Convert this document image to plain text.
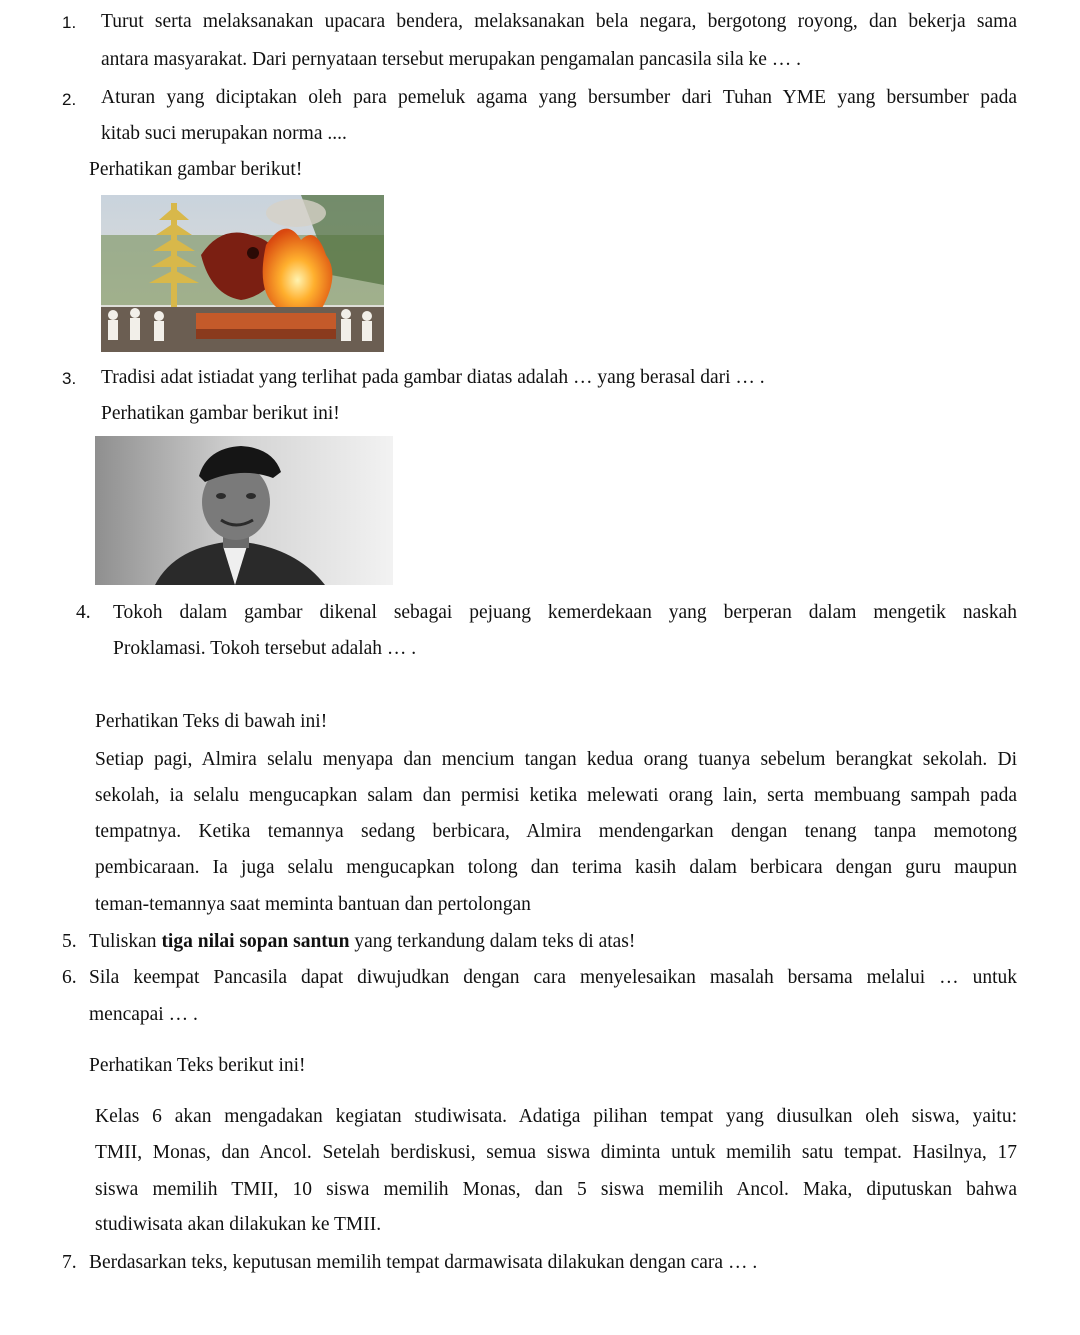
1. Turut serta melaksanakan upacara bendera, melaksanakan bela negara, bergotong royong, dan bekerja sama
antara masyarakat. Dari pernyataan tersebut merupakan pengamalan pancasila sila ke … .
2. Aturan yang diciptakan oleh para pemeluk agama yang bersumber dari Tuhan YME yang bersumber pada
kitab suci merupakan norma ....
Perhatikan gambar berikut!
3. Tradisi adat istiadat yang terlihat pada gambar diatas adalah … yang berasal dari … .
Perhatikan gambar berikut ini!
4. Tokoh dalam gambar dikenal sebagai pejuang kemerdekaan yang berperan dalam mengetik naskah
Proklamasi. Tokoh tersebut adalah … .
Perhatikan Teks di bawah ini!
Setiap pagi, Almira selalu menyapa dan mencium tangan kedua orang tuanya sebelum berangkat sekolah. Di
sekolah, ia selalu mengucapkan salam dan permisi ketika melewati orang lain, serta membuang sampah pada
tempatnya. Ketika temannya sedang berbicara, Almira mendengarkan dengan tenang tanpa memotong
pembicaraan. Ia juga selalu mengucapkan tolong dan terima kasih dalam berbicara dengan guru maupun
teman-temannya saat meminta bantuan dan pertolongan
5. Tuliskan tiga nilai sopan santun yang terkandung dalam teks di atas!
6. Sila keempat Pancasila dapat diwujudkan dengan cara menyelesaikan masalah bersama melalui … untuk
mencapai … .
Perhatikan Teks berikut ini!
Kelas 6 akan mengadakan kegiatan studiwisata. Adatiga pilihan tempat yang diusulkan oleh siswa, yaitu:
TMII, Monas, dan Ancol. Setelah berdiskusi, semua siswa diminta untuk memilih satu tempat. Hasilnya, 17
siswa memilih TMII, 10 siswa memilih Monas, dan 5 siswa memilih Ancol. Maka, diputuskan bahwa
studiwisata akan dilakukan ke TMII.
7. Berdasarkan teks, keputusan memilih tempat darmawisata dilakukan dengan cara … .
